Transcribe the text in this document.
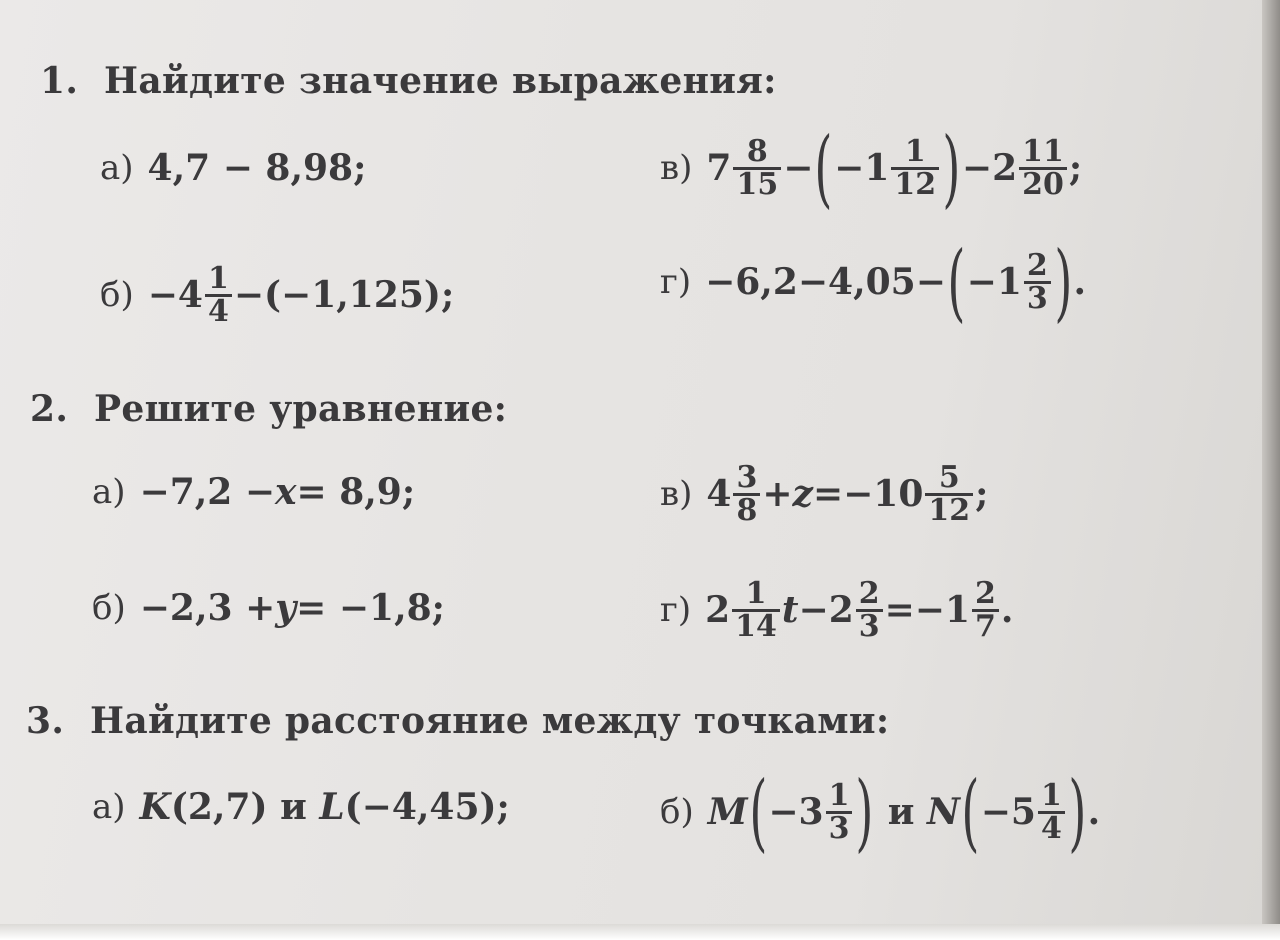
1. Найдите значение выражения:
а) 4,7 − 8,98;
$б) -4 \frac{1}{4} -(-1,125)$;
в) $7 \frac{8}{15}$ − ( $-1 \frac{1}{12}$ ) $-2 \frac{11}{20}$ ;
г) −6,2−4,05− ( $-1 \frac{2}{3}$ ) .
2. Решите уравнение:
а) −7,2 − x = 8,9;
б) −2,3 + y = −1,8;
в) $4 \frac{3}{8} + z =-10 \frac{5}{12}$ ;
г) $2 \frac{1}{14}$ $t -2 \frac{2}{3} =-1 \frac{2}{7}$ .
3. Найдите расстояние между точками:
а) K (2,7) и L (−4,45);	б) M ( $-3 \frac{1}{3}$ ) и N ( $-5 \frac{1}{4}$ ) .
